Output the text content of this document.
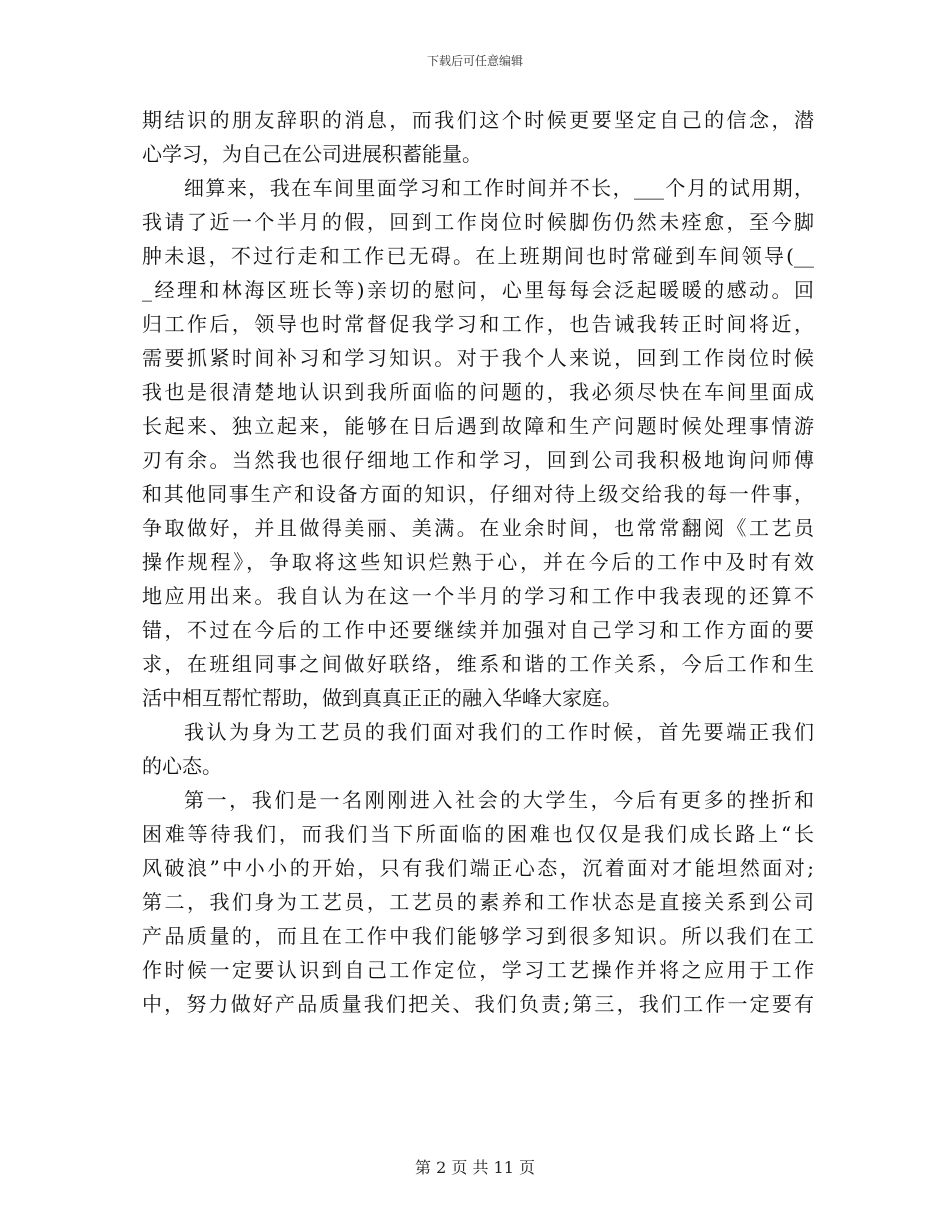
下载后可任意编辑
期结识的朋友辞职的消息，而我们这个时候更要坚定自己的信念，潜
心学习，为自己在公司进展积蓄能量。
细算来，我在车间里面学习和工作时间并不长，___个月的试用期，
我请了近一个半月的假，回到工作岗位时候脚伤仍然未痊愈，至今脚
肿未退，不过行走和工作已无碍。在上班期间也时常碰到车间领导(__
_经理和林海区班长等)亲切的慰问，心里每每会泛起暖暖的感动。回
归工作后，领导也时常督促我学习和工作，也告诫我转正时间将近，
需要抓紧时间补习和学习知识。对于我个人来说，回到工作岗位时候
我也是很清楚地认识到我所面临的问题的，我必须尽快在车间里面成
长起来、独立起来，能够在日后遇到故障和生产问题时候处理事情游
刃有余。当然我也很仔细地工作和学习，回到公司我积极地询问师傅
和其他同事生产和设备方面的知识，仔细对待上级交给我的每一件事，
争取做好，并且做得美丽、美满。在业余时间，也常常翻阅《工艺员
操作规程》，争取将这些知识烂熟于心，并在今后的工作中及时有效
地应用出来。我自认为在这一个半月的学习和工作中我表现的还算不
错，不过在今后的工作中还要继续并加强对自己学习和工作方面的要
求，在班组同事之间做好联络，维系和谐的工作关系，今后工作和生
活中相互帮忙帮助，做到真真正正的融入华峰大家庭。
我认为身为工艺员的我们面对我们的工作时候，首先要端正我们
的心态。
第一，我们是一名刚刚进入社会的大学生，今后有更多的挫折和
困难等待我们，而我们当下所面临的困难也仅仅是我们成长路上“长
风破浪”中小小的开始，只有我们端正心态，沉着面对才能坦然面对;
第二，我们身为工艺员，工艺员的素养和工作状态是直接关系到公司
产品质量的，而且在工作中我们能够学习到很多知识。所以我们在工
作时候一定要认识到自己工作定位，学习工艺操作并将之应用于工作
中，努力做好产品质量我们把关、我们负责;第三，我们工作一定要有
第 2 页 共 11 页
